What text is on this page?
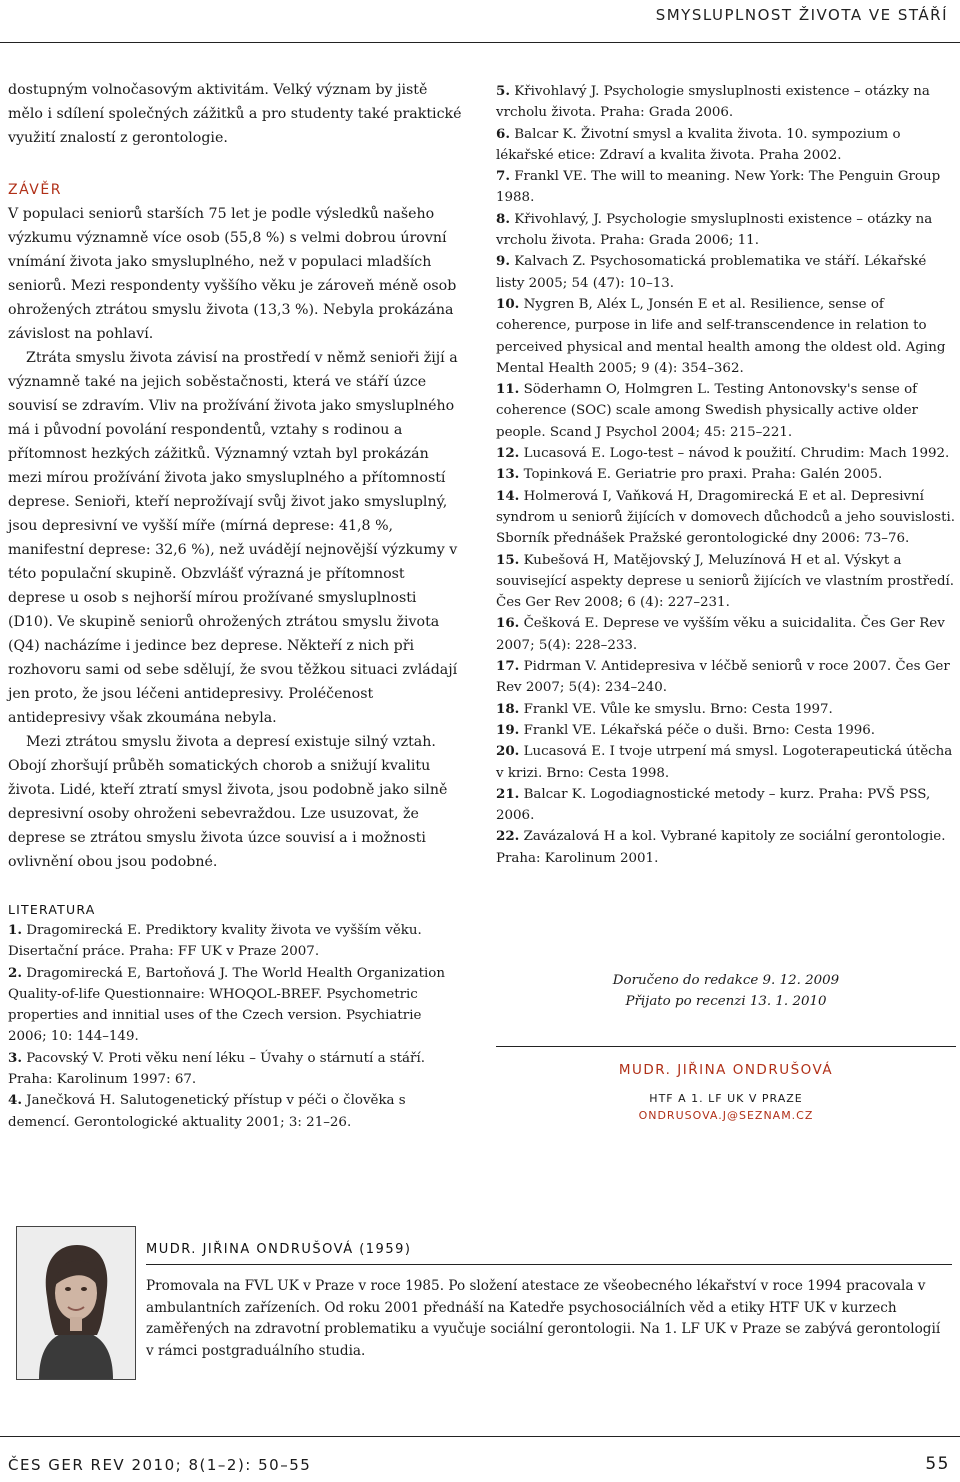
SMYSLUPLNOST ŽIVOTA VE STÁŘÍ

dostupným volnočasovým aktivitám. Velký význam by jistě mělo i sdílení společných zážitků a pro studenty také praktické využití znalostí z gerontologie.

ZÁVĚR

V populaci seniorů starších 75 let je podle výsledků našeho výzkumu významně více osob (55,8 %) s velmi dobrou úrovní vnímání života jako smysluplného, než v populaci mladších seniorů. Mezi respondenty vyššího věku je zároveň méně osob ohrožených ztrátou smyslu života (13,3 %). Nebyla prokázána závislost na pohlaví.

Ztráta smyslu života závisí na prostředí v němž senioři žijí a významně také na jejich soběstačnosti, která ve stáří úzce souvisí se zdravím. Vliv na prožívání života jako smysluplného má i původní povolání respondentů, vztahy s rodinou a přítomnost hezkých zážitků. Významný vztah byl prokázán mezi mírou prožívání života jako smysluplného a přítomností deprese. Senioři, kteří neprožívají svůj život jako smysluplný, jsou depresivní ve vyšší míře (mírná deprese: 41,8 %, manifestní deprese: 32,6 %), než uvádějí nejnovější výzkumy v této populační skupině. Obzvlášť výrazná je přítomnost deprese u osob s nejhorší mírou prožívané smysluplnosti (D10). Ve skupině seniorů ohrožených ztrátou smyslu života (Q4) nacházíme i jedince bez deprese. Někteří z nich při rozhovoru sami od sebe sdělují, že svou těžkou situaci zvládají jen proto, že jsou léčeni antidepresivy. Proléčenost antidepresivy však zkoumána nebyla.

Mezi ztrátou smyslu života a depresí existuje silný vztah. Obojí zhoršují průběh somatických chorob a snižují kvalitu života. Lidé, kteří ztratí smysl života, jsou podobně jako silně depresivní osoby ohroženi sebevraždou. Lze usuzovat, že deprese se ztrátou smyslu života úzce souvisí a i možnosti ovlivnění obou jsou podobné.

LITERATURA

1. Dragomirecká E. Prediktory kvality života ve vyšším věku. Disertační práce. Praha: FF UK v Praze 2007.

2. Dragomirecká E, Bartoňová J. The World Health Organization Quality-of-life Questionnaire: WHOQOL-BREF. Psychometric properties and innitial uses of the Czech version. Psychiatrie 2006; 10: 144–149.

3. Pacovský V. Proti věku není léku – Úvahy o stárnutí a stáří. Praha: Karolinum 1997: 67.

4. Janečková H. Salutogenetický přístup v péči o člověka s demencí. Gerontologické aktuality 2001; 3: 21–26.

5. Křivohlavý J. Psychologie smysluplnosti existence – otázky na vrcholu života. Praha: Grada 2006.

6. Balcar K. Životní smysl a kvalita života. 10. sympozium o lékařské etice: Zdraví a kvalita života. Praha 2002.

7. Frankl VE. The will to meaning. New York: The Penguin Group 1988.

8. Křivohlavý, J. Psychologie smysluplnosti existence – otázky na vrcholu života. Praha: Grada 2006; 11.

9. Kalvach Z. Psychosomatická problematika ve stáří. Lékařské listy 2005; 54 (47): 10–13.

10. Nygren B, Aléx L, Jonsén E et al. Resilience, sense of coherence, purpose in life and self-transcendence in relation to perceived physical and mental health among the oldest old. Aging Mental Health 2005; 9 (4): 354–362.

11. Söderhamn O, Holmgren L. Testing Antonovsky's sense of coherence (SOC) scale among Swedish physically active older people. Scand J Psychol 2004; 45: 215–221.

12. Lucasová E. Logo-test – návod k použití. Chrudim: Mach 1992.

13. Topinková E. Geriatrie pro praxi. Praha: Galén 2005.

14. Holmerová I, Vaňková H, Dragomirecká E et al. Depresivní syndrom u seniorů žijících v domovech důchodců a jeho souvislosti. Sborník přednášek Pražské gerontologické dny 2006: 73–76.

15. Kubešová H, Matějovský J, Meluzínová H et al. Výskyt a související aspekty deprese u seniorů žijících ve vlastním prostředí. Čes Ger Rev 2008; 6 (4): 227–231.

16. Češková E. Deprese ve vyšším věku a suicidalita. Čes Ger Rev 2007; 5(4): 228–233.

17. Pidrman V. Antidepresiva v léčbě seniorů v roce 2007. Čes Ger Rev 2007; 5(4): 234–240.

18. Frankl VE. Vůle ke smyslu. Brno: Cesta 1997.

19. Frankl VE. Lékařská péče o duši. Brno: Cesta 1996.

20. Lucasová E. I tvoje utrpení má smysl. Logoterapeutická útěcha v krizi. Brno: Cesta 1998.

21. Balcar K. Logodiagnostické metody – kurz. Praha: PVŠ PSS, 2006.

22. Zavázalová H a kol. Vybrané kapitoly ze sociální gerontologie. Praha: Karolinum 2001.

Doručeno do redakce 9. 12. 2009
Přijato po recenzi 13. 1. 2010
MUDR. JIŘINA ONDRUŠOVÁ
HTF A 1. LF UK V PRAZE
ONDRUSOVA.J@SEZNAM.CZ
MUDR. JIŘINA ONDRUŠOVÁ (1959)

Promovala na FVL UK v Praze v roce 1985. Po složení atestace ze všeobecného lékařství v roce 1994 pracovala v ambulantních zařízeních. Od roku 2001 přednáší na Katedře psychosociálních věd a etiky HTF UK v kurzech zaměřených na zdravotní problematiku a vyučuje sociální gerontologii. Na 1. LF UK v Praze se zabývá gerontologií v rámci postgraduálního studia.

ČES GER REV 2010; 8(1–2): 50–55	55
